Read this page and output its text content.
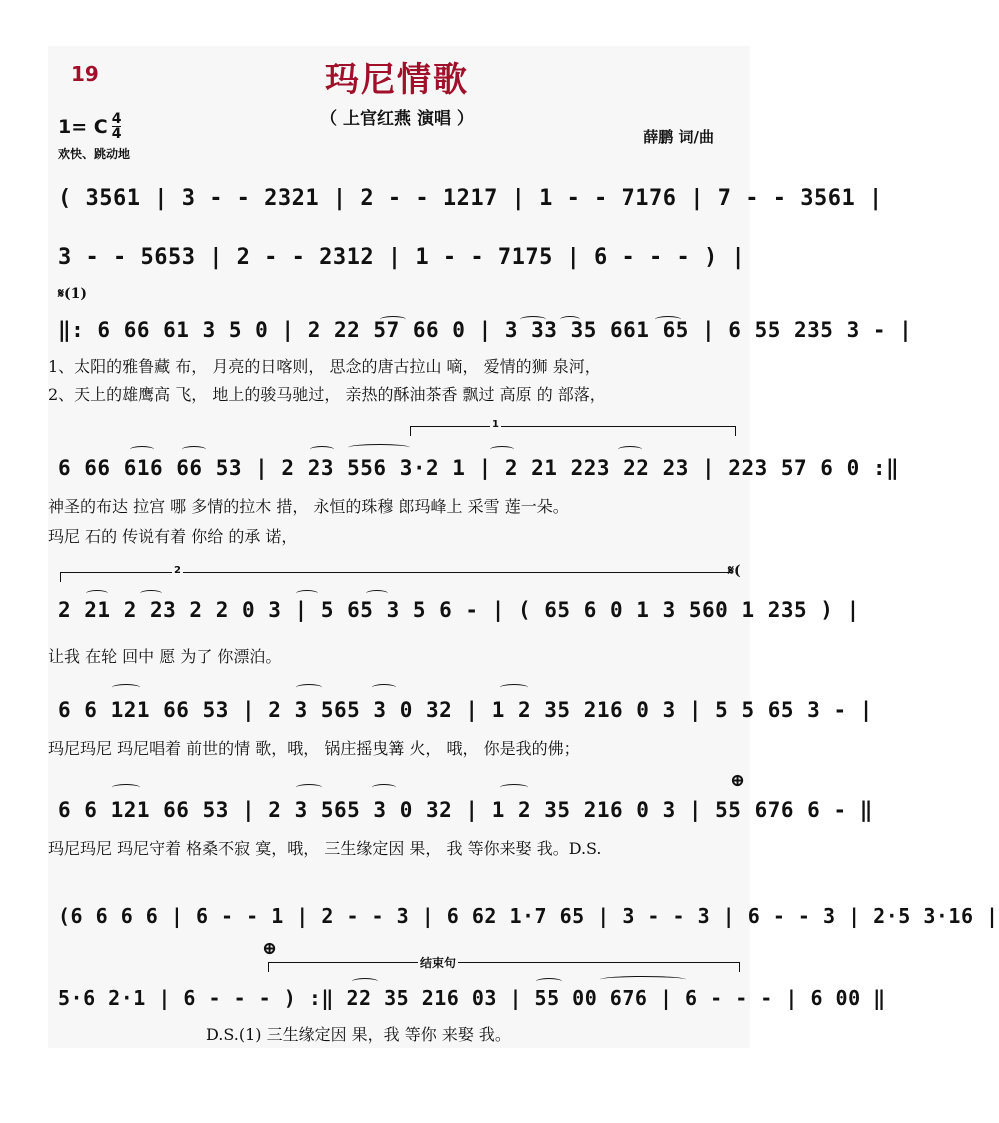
19	玛尼情歌
（ 上官红燕 演唱 ）
薛鹏 词/曲
1= C 4
4
欢快、跳动地
( 3561 | 3 - - 2321 | 2 - - 1217 | 1 - - 7176 | 7 - - 3561 |
3 - - 5653 | 2 - - 2312 | 1 - - 7175 | 6 - - - ) |
𝄋(1)
‖: 6 66 61 3 5 0 | 2 22 57 66 0 | 3 33 35 661 65 | 6 55 235 3 - |
1、太阳的雅鲁藏 布， 月亮的日喀则， 思念的唐古拉山 嘀， 爱情的狮 泉河，
2、天上的雄鹰高 飞， 地上的骏马驰过， 亲热的酥油茶香 飘过 高原 的 部落，
1
6 66 616 66 53 | 2 23 556 3·2 1 | 2 21 223 22 23 | 223 57 6 0 :‖
神圣的布达 拉宫 哪 多情的拉木 措， 永恒的珠穆 郎玛峰上 采雪 莲一朵。
玛尼 石的 传说有着 你给 的承 诺，
2	𝄋(
2 21 2 23 2 2 0 3 | 5 65 3 5 6 - | ( 65 6 0 1 3 560 1 235 ) |
让我 在轮 回中 愿 为了 你漂泊。
6 6 121 66 53 | 2 3 565 3 0 32 | 1 2 35 216 0 3 | 5 5 65 3 - |
玛尼玛尼 玛尼唱着 前世的情 歌，哦， 锅庄摇曳篝 火， 哦， 你是我的佛；
⊕
6 6 121 66 53 | 2 3 565 3 0 32 | 1 2 35 216 0 3 | 55 676 6 - ‖
玛尼玛尼 玛尼守着 格桑不寂 寞，哦， 三生缘定因 果， 我 等你来娶 我。D.S.
(6 6 6 6 | 6 - - 1 | 2 - - 3 | 6 62 1·7 65 | 3 - - 3 | 6 - - 3 | 2·5 3·16 |
⊕
结束句
5·6 2·1 | 6 - - - ) :‖ 22 35 216 03 | 55 00 676 | 6 - - - | 6 00 ‖
D.S.(1) 三生缘定因 果，我 等你 来娶 我。
